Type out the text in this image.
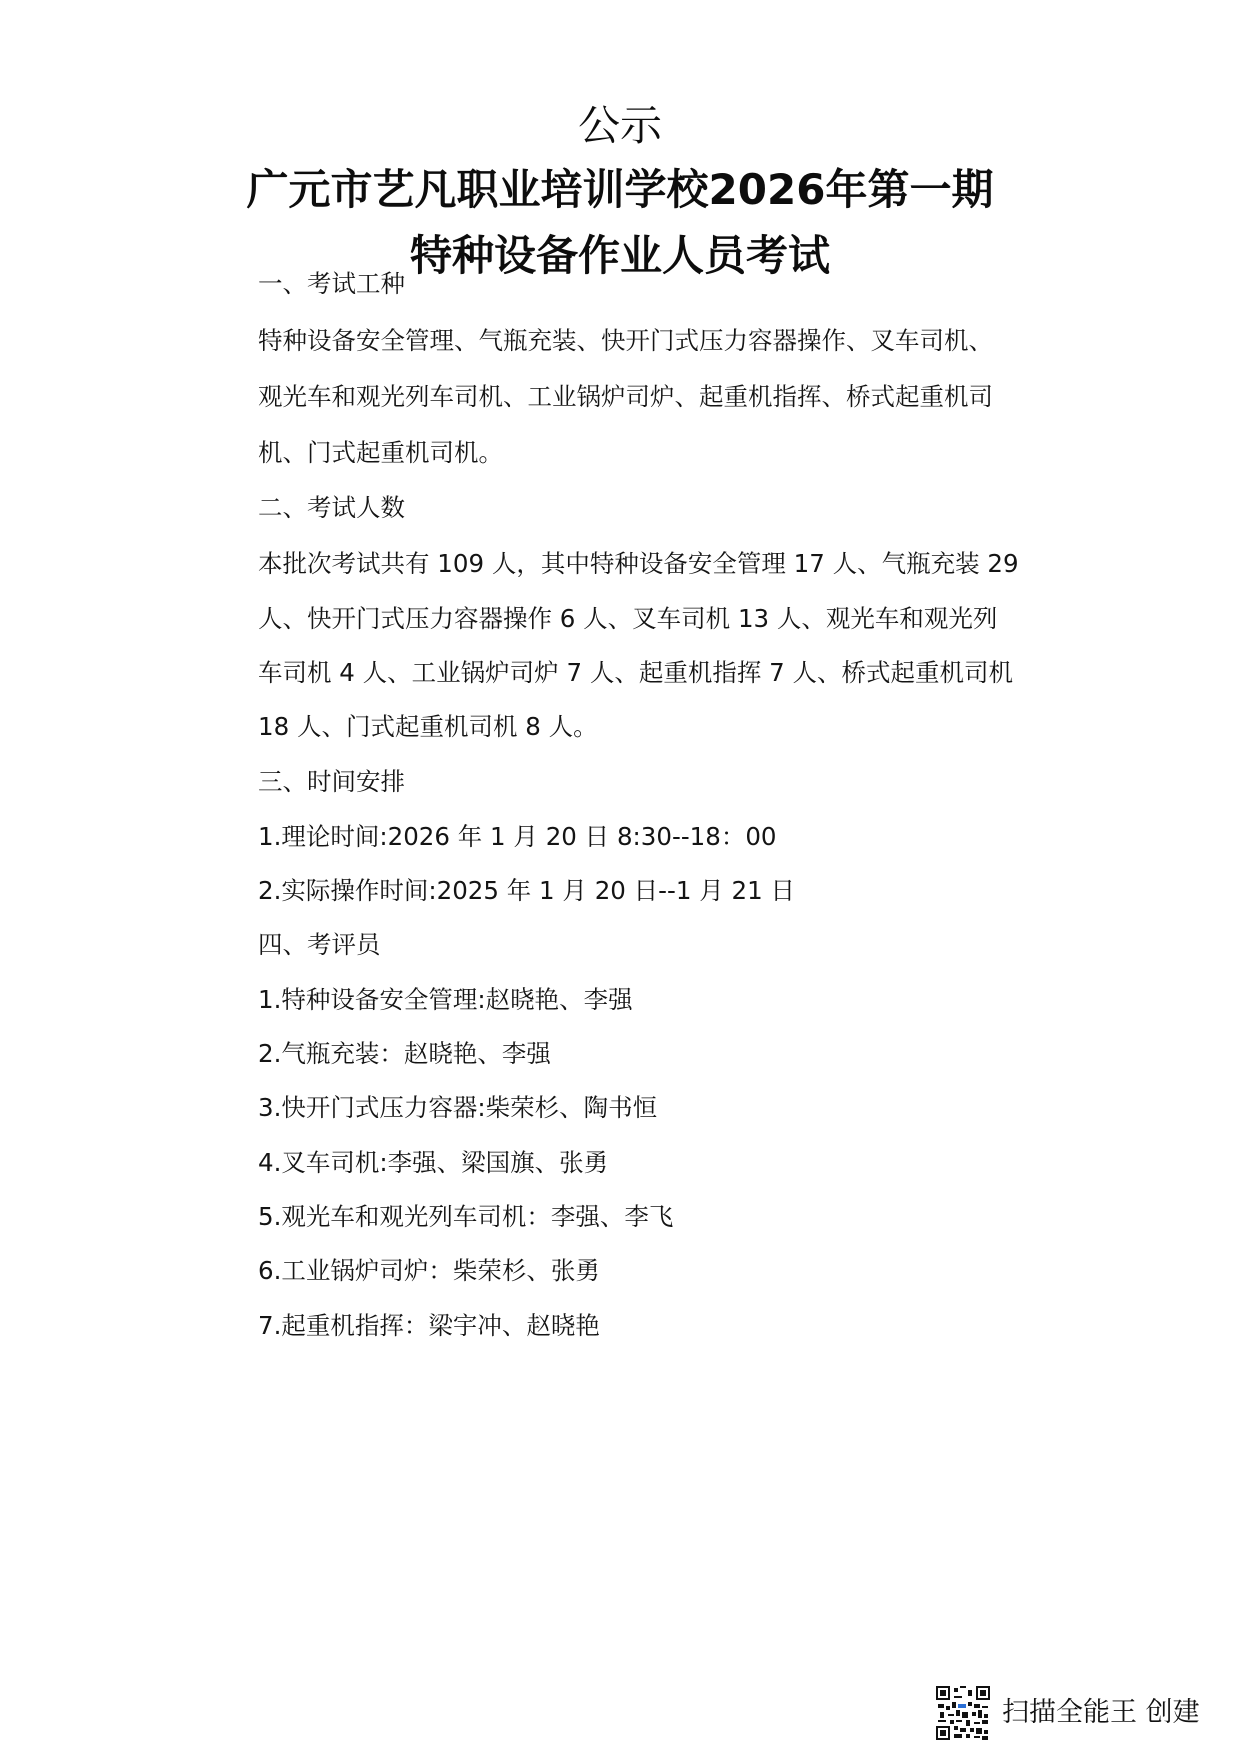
公示
广元市艺凡职业培训学校2026年第一期
特种设备作业人员考试
一、考试工种
特种设备安全管理、气瓶充装、快开门式压力容器操作、叉车司机、
观光车和观光列车司机、工业锅炉司炉、起重机指挥、桥式起重机司
机、门式起重机司机。
二、考试人数
本批次考试共有 109 人，其中特种设备安全管理 17 人、气瓶充装 29
人、快开门式压力容器操作 6 人、叉车司机 13 人、观光车和观光列
车司机 4 人、工业锅炉司炉 7 人、起重机指挥 7 人、桥式起重机司机
18 人、门式起重机司机 8 人。
三、时间安排
1.理论时间:2026 年 1 月 20 日 8:30--18：00
2.实际操作时间:2025 年 1 月 20 日--1 月 21 日
四、考评员
1.特种设备安全管理:赵晓艳、李强
2.气瓶充装：赵晓艳、李强
3.快开门式压力容器:柴荣杉、陶书恒
4.叉车司机:李强、梁国旗、张勇
5.观光车和观光列车司机：李强、李飞
6.工业锅炉司炉：柴荣杉、张勇
7.起重机指挥：梁宇冲、赵晓艳
扫描全能王 创建
